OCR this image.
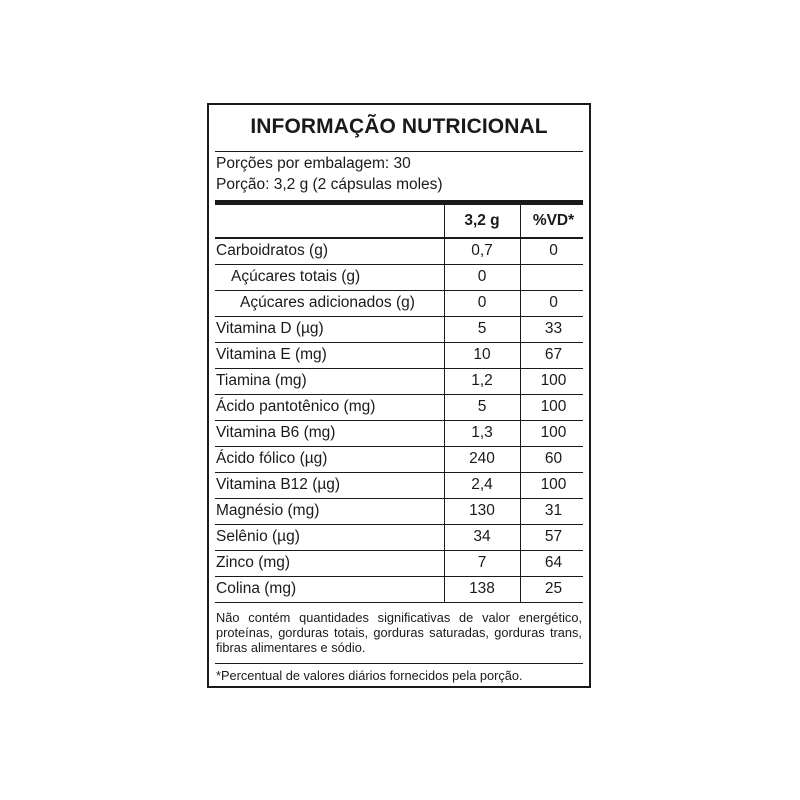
INFORMAÇÃO NUTRICIONAL
Porções por embalagem: 30
Porção: 3,2 g (2 cápsulas moles)
3,2 g	%VD*
Carboidratos (g)	0,7	0
Açúcares totais (g)	0
Açúcares adicionados (g)	0	0
Vitamina D (µg)	5	33
Vitamina E (mg)	10	67
Tiamina (mg)	1,2	100
Ácido pantotênico (mg)	5	100
Vitamina B6 (mg)	1,3	100
Ácido fólico (µg)	240	60
Vitamina B12 (µg)	2,4	100
Magnésio (mg)	130	31
Selênio (µg)	34	57
Zinco (mg)	7	64
Colina (mg)	138	25
Não contém quantidades significativas de valor energético, proteínas, gorduras totais, gorduras saturadas, gorduras trans, fibras alimentares e sódio.
*Percentual de valores diários fornecidos pela porção.
